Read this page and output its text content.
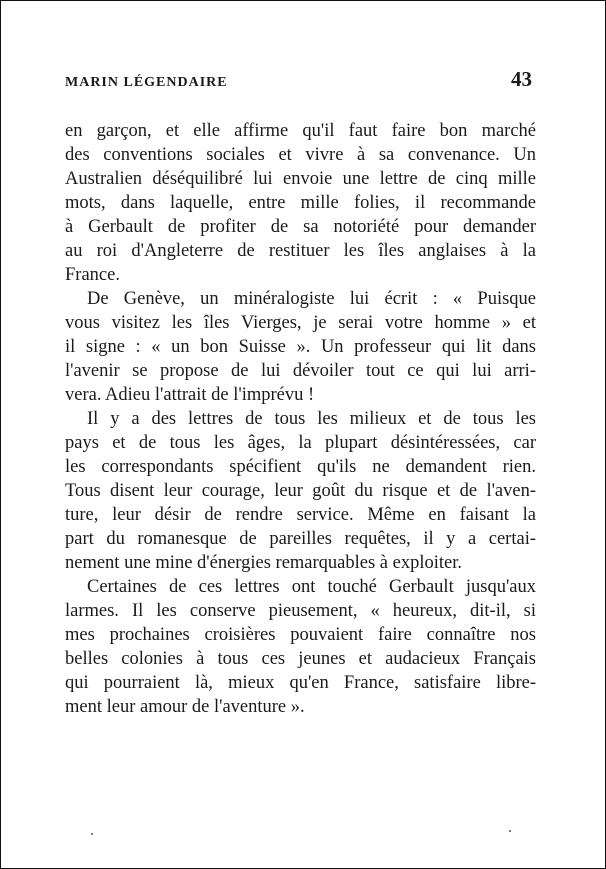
MARIN LÉGENDAIRE	43
en garçon, et elle affirme qu'il faut faire bon marché
des conventions sociales et vivre à sa convenance. Un
Australien déséquilibré lui envoie une lettre de cinq mille
mots, dans laquelle, entre mille folies, il recommande
à Gerbault de profiter de sa notoriété pour demander
au roi d'Angleterre de restituer les îles anglaises à la
France.
De Genève, un minéralogiste lui écrit : « Puisque
vous visitez les îles Vierges, je serai votre homme » et
il signe : « un bon Suisse ». Un professeur qui lit dans
l'avenir se propose de lui dévoiler tout ce qui lui arri-
vera. Adieu l'attrait de l'imprévu !
Il y a des lettres de tous les milieux et de tous les
pays et de tous les âges, la plupart désintéressées, car
les correspondants spécifient qu'ils ne demandent rien.
Tous disent leur courage, leur goût du risque et de l'aven-
ture, leur désir de rendre service. Même en faisant la
part du romanesque de pareilles requêtes, il y a certai-
nement une mine d'énergies remarquables à exploiter.
Certaines de ces lettres ont touché Gerbault jusqu'aux
larmes. Il les conserve pieusement, « heureux, dit-il, si
mes prochaines croisières pouvaient faire connaître nos
belles colonies à tous ces jeunes et audacieux Français
qui pourraient là, mieux qu'en France, satisfaire libre-
ment leur amour de l'aventure ».
